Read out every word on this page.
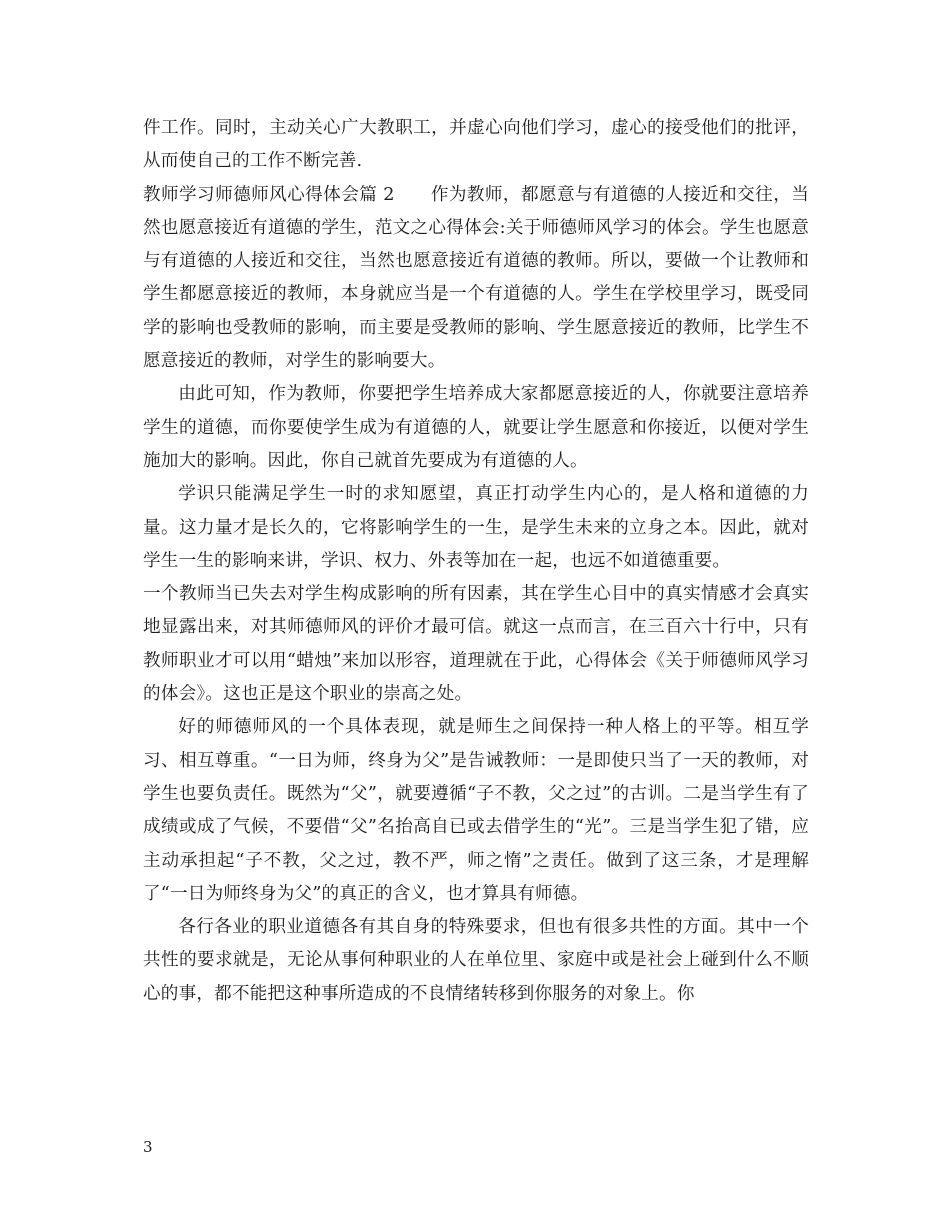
件工作。同时，主动关心广大教职工，并虚心向他们学习，虚心的接受他们的批评，从而使自己的工作不断完善.

教师学习师德师风心得体会篇 2 作为教师，都愿意与有道德的人接近和交往，当然也愿意接近有道德的学生，范文之心得体会:关于师德师风学习的体会。学生也愿意与有道德的人接近和交往，当然也愿意接近有道德的教师。所以，要做一个让教师和学生都愿意接近的教师，本身就应当是一个有道德的人。学生在学校里学习，既受同学的影响也受教师的影响，而主要是受教师的影响、学生愿意接近的教师，比学生不愿意接近的教师，对学生的影响要大。

由此可知，作为教师，你要把学生培养成大家都愿意接近的人，你就要注意培养学生的道德，而你要使学生成为有道德的人，就要让学生愿意和你接近，以便对学生施加大的影响。因此，你自己就首先要成为有道德的人。

学识只能满足学生一时的求知愿望，真正打动学生内心的，是人格和道德的力量。这力量才是长久的，它将影响学生的一生，是学生未来的立身之本。因此，就对学生一生的影响来讲，学识、权力、外表等加在一起，也远不如道德重要。

一个教师当已失去对学生构成影响的所有因素，其在学生心目中的真实情感才会真实地显露出来，对其师德师风的评价才最可信。就这一点而言，在三百六十行中，只有教师职业才可以用“蜡烛”来加以形容，道理就在于此，心得体会《关于师德师风学习的体会》。这也正是这个职业的崇高之处。

好的师德师风的一个具体表现，就是师生之间保持一种人格上的平等。相互学习、相互尊重。“一日为师，终身为父”是告诫教师：一是即使只当了一天的教师，对学生也要负责任。既然为“父”，就要遵循“子不教，父之过”的古训。二是当学生有了成绩或成了气候，不要借“父”名抬高自已或去借学生的“光”。三是当学生犯了错，应主动承担起“子不教，父之过，教不严，师之惰”之责任。做到了这三条，才是理解了“一日为师终身为父”的真正的含义，也才算具有师德。

各行各业的职业道德各有其自身的特殊要求，但也有很多共性的方面。其中一个共性的要求就是，无论从事何种职业的人在单位里、家庭中或是社会上碰到什么不顺心的事，都不能把这种事所造成的不良情绪转移到你服务的对象上。你

3
